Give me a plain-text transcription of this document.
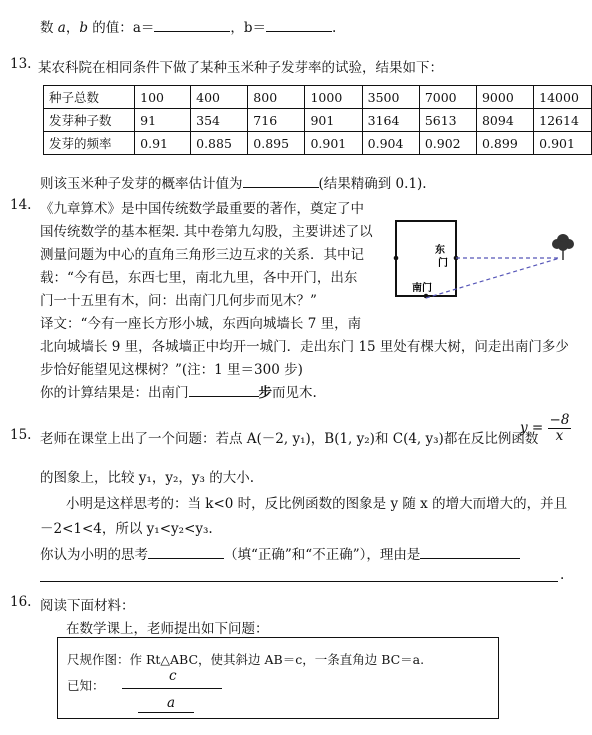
数 a，b 的值：a＝	，b＝	.
13. 某农科院在相同条件下做了某种玉米种子发芽率的试验，结果如下：
种子总数	100	400	800	1000	3500	7000	9000	14000
发芽种子数	91	354	716	901	3164	5613	8094	12614
发芽的频率	0.91	0.885	0.895	0.901	0.904	0.902	0.899	0.901
则该玉米种子发芽的概率估计值为	(结果精确到 0.1).
14. 《九章算术》是中国传统数学最重要的著作，奠定了中
国传统数学的基本框架. 其中卷第九勾股，主要讲述了以
测量问题为中心的直角三角形三边互求的关系．其中记
载：“今有邑，东西七里，南北九里，各中开门，出东
门一十五里有木，问：出南门几何步而见木？”
译文：“今有一座长方形小城，东西向城墙长 7 里，南
北向城墙长 9 里，各城墙正中均开一城门．走出东门 15 里处有棵大树，问走出南门多少
步恰好能望见这棵树？”(注：1 里＝300 步)
你的计算结果是：出南门	步而见木.
东
门
南门
15. 老师在课堂上出了一个问题：若点 A(－2, y₁)，B(1, y₂)和 C(4, y₃)都在反比例函数
$y = \frac{-8}{x}$
的图象上，比较 y₁，y₂，y₃ 的大小.
小明是这样思考的：当 k<0 时，反比例函数的图象是 y 随 x 的增大而增大的，并且
－2<1<4，所以 y₁<y₂<y₃.
你认为小明的思考	（填“正确”和“不正确”），理由是
.
16. 阅读下面材料：
在数学课上，老师提出如下问题：
尺规作图：作 Rt△ABC，使其斜边 AB＝c，一条直角边 BC＝a.
已知：
c
a
